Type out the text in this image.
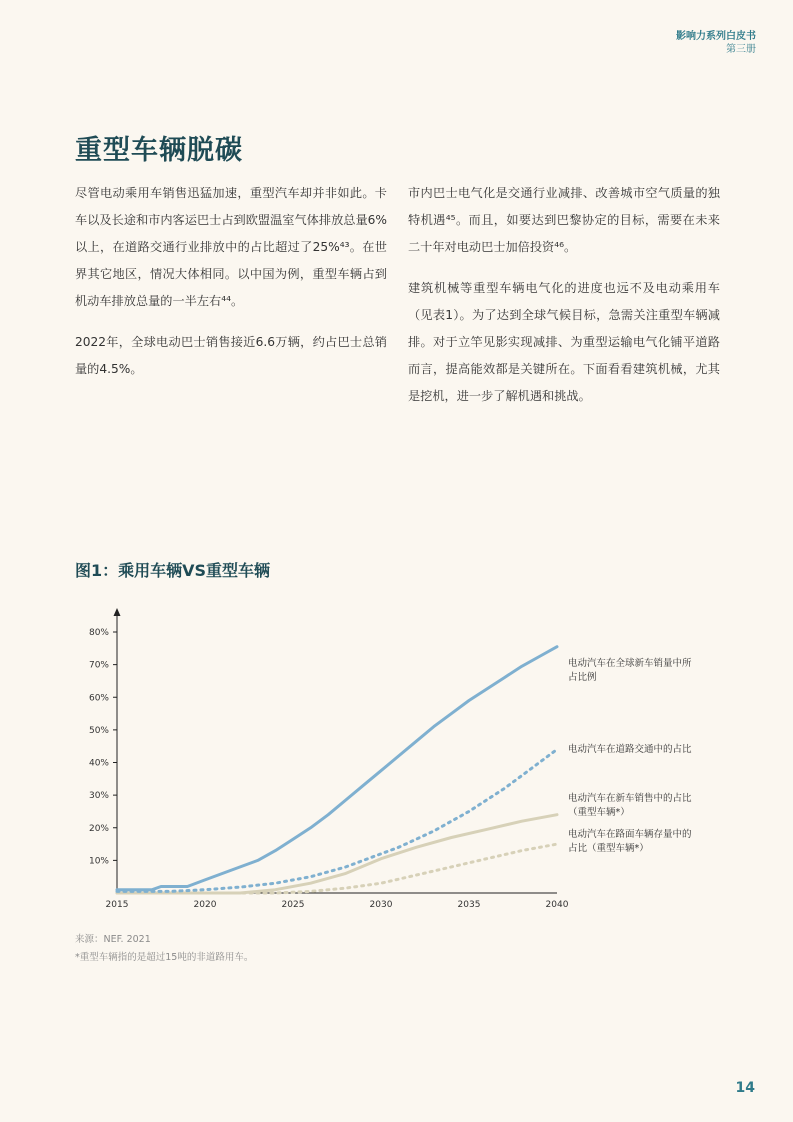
影响力系列白皮书
第三册
重型车辆脱碳

尽管电动乘用车销售迅猛加速，重型汽车却并非如此。卡车以及长途和市内客运巴士占到欧盟温室气体排放总量6%以上，在道路交通行业排放中的占比超过了25%⁴³。在世界其它地区，情况大体相同。以中国为例，重型车辆占到机动车排放总量的一半左右⁴⁴。

2022年，全球电动巴士销售接近6.6万辆，约占巴士总销量的4.5%。

市内巴士电气化是交通行业减排、改善城市空气质量的独特机遇⁴⁵。而且，如要达到巴黎协定的目标，需要在未来二十年对电动巴士加倍投资⁴⁶。

建筑机械等重型车辆电气化的进度也远不及电动乘用车（见表1）。为了达到全球气候目标，急需关注重型车辆减排。对于立竿见影实现减排、为重型运输电气化铺平道路而言，提高能效都是关键所在。下面看看建筑机械，尤其是挖机，进一步了解机遇和挑战。

图1：乘用车辆VS重型车辆
10%
20%
30%
40%
50%
60%
70%
80%
2015	2020	2025	2030	2035	2040
电动汽车在全球新车销量中所
占比例
电动汽车在道路交通中的占比
电动汽车在新车销售中的占比
（重型车辆*）
电动汽车在路面车辆存量中的
占比（重型车辆*）
来源：NEF. 2021
*重型车辆指的是超过15吨的非道路用车。
14
